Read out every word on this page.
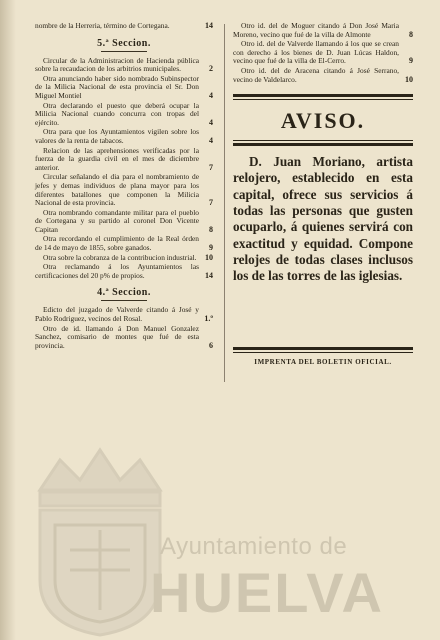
Ayuntamiento de
HUELVA
nombre de la Herreria, término de Cortegana.	14
5.ª Seccion.
Circular de la Administracion de Hacienda pública sobre la recaudacion de los arbitrios municipales.	2
Otra anunciando haber sido nombrado Subinspector de la Milicia Nacional de esta provincia el Sr. Don Miguel Montiel	4
Otra declarando el puesto que deberá ocupar la Milicia Nacional cuando concurra con tropas del ejército.	4
Otra para que los Ayuntamientos vigilen sobre los valores de la renta de tabacos.	4
Relacion de las aprehensiones verificadas por la fuerza de la guardia civil en el mes de diciembre anterior.	7
Circular señalando el dia para el nombramiento de jefes y demas individuos de plana mayor para los diferentes batallones que componen la Milicia Nacional de esta provincia.	7
Otra nombrando comandante militar para el pueblo de Cortegana y su partido al coronel Don Vicente Capitan	8
Otra recordando el cumplimiento de la Real órden de 14 de mayo de 1855, sobre ganados.	9
Otra sobre la cobranza de la contribucion industrial.	10
Otra reclamando á los Ayuntamientos las certificaciones del 20 p% de propios.	14
4.ª Seccion.
Edicto del juzgado de Valverde citando á José y Pablo Rodriguez, vecinos del Rosal.	1.º
Otro de id. llamando á Don Manuel Gonzalez Sanchez, comisario de montes que fué de esta provincia.	6
Otro id. del de Moguer citando á Don José Maria Moreno, vecino que fué de la villa de Almonte	8
Otro id. del de Valverde llamando á los que se crean con derecho á los bienes de D. Juan Lúcas Haldon, vecino que fué de la villa de El-Cerro.	9
Otro id. del de Aracena citando á José Serrano, vecino de Valdelarco.	10
AVISO.
D. Juan Moriano, artista relojero, establecido en esta capital, ofrece sus servicios á todas las personas que gusten ocuparlo, á quienes servirá con exactitud y equidad. Compone relojes de todas clases inclusos los de las torres de las iglesias.
IMPRENTA DEL BOLETIN OFICIAL.
